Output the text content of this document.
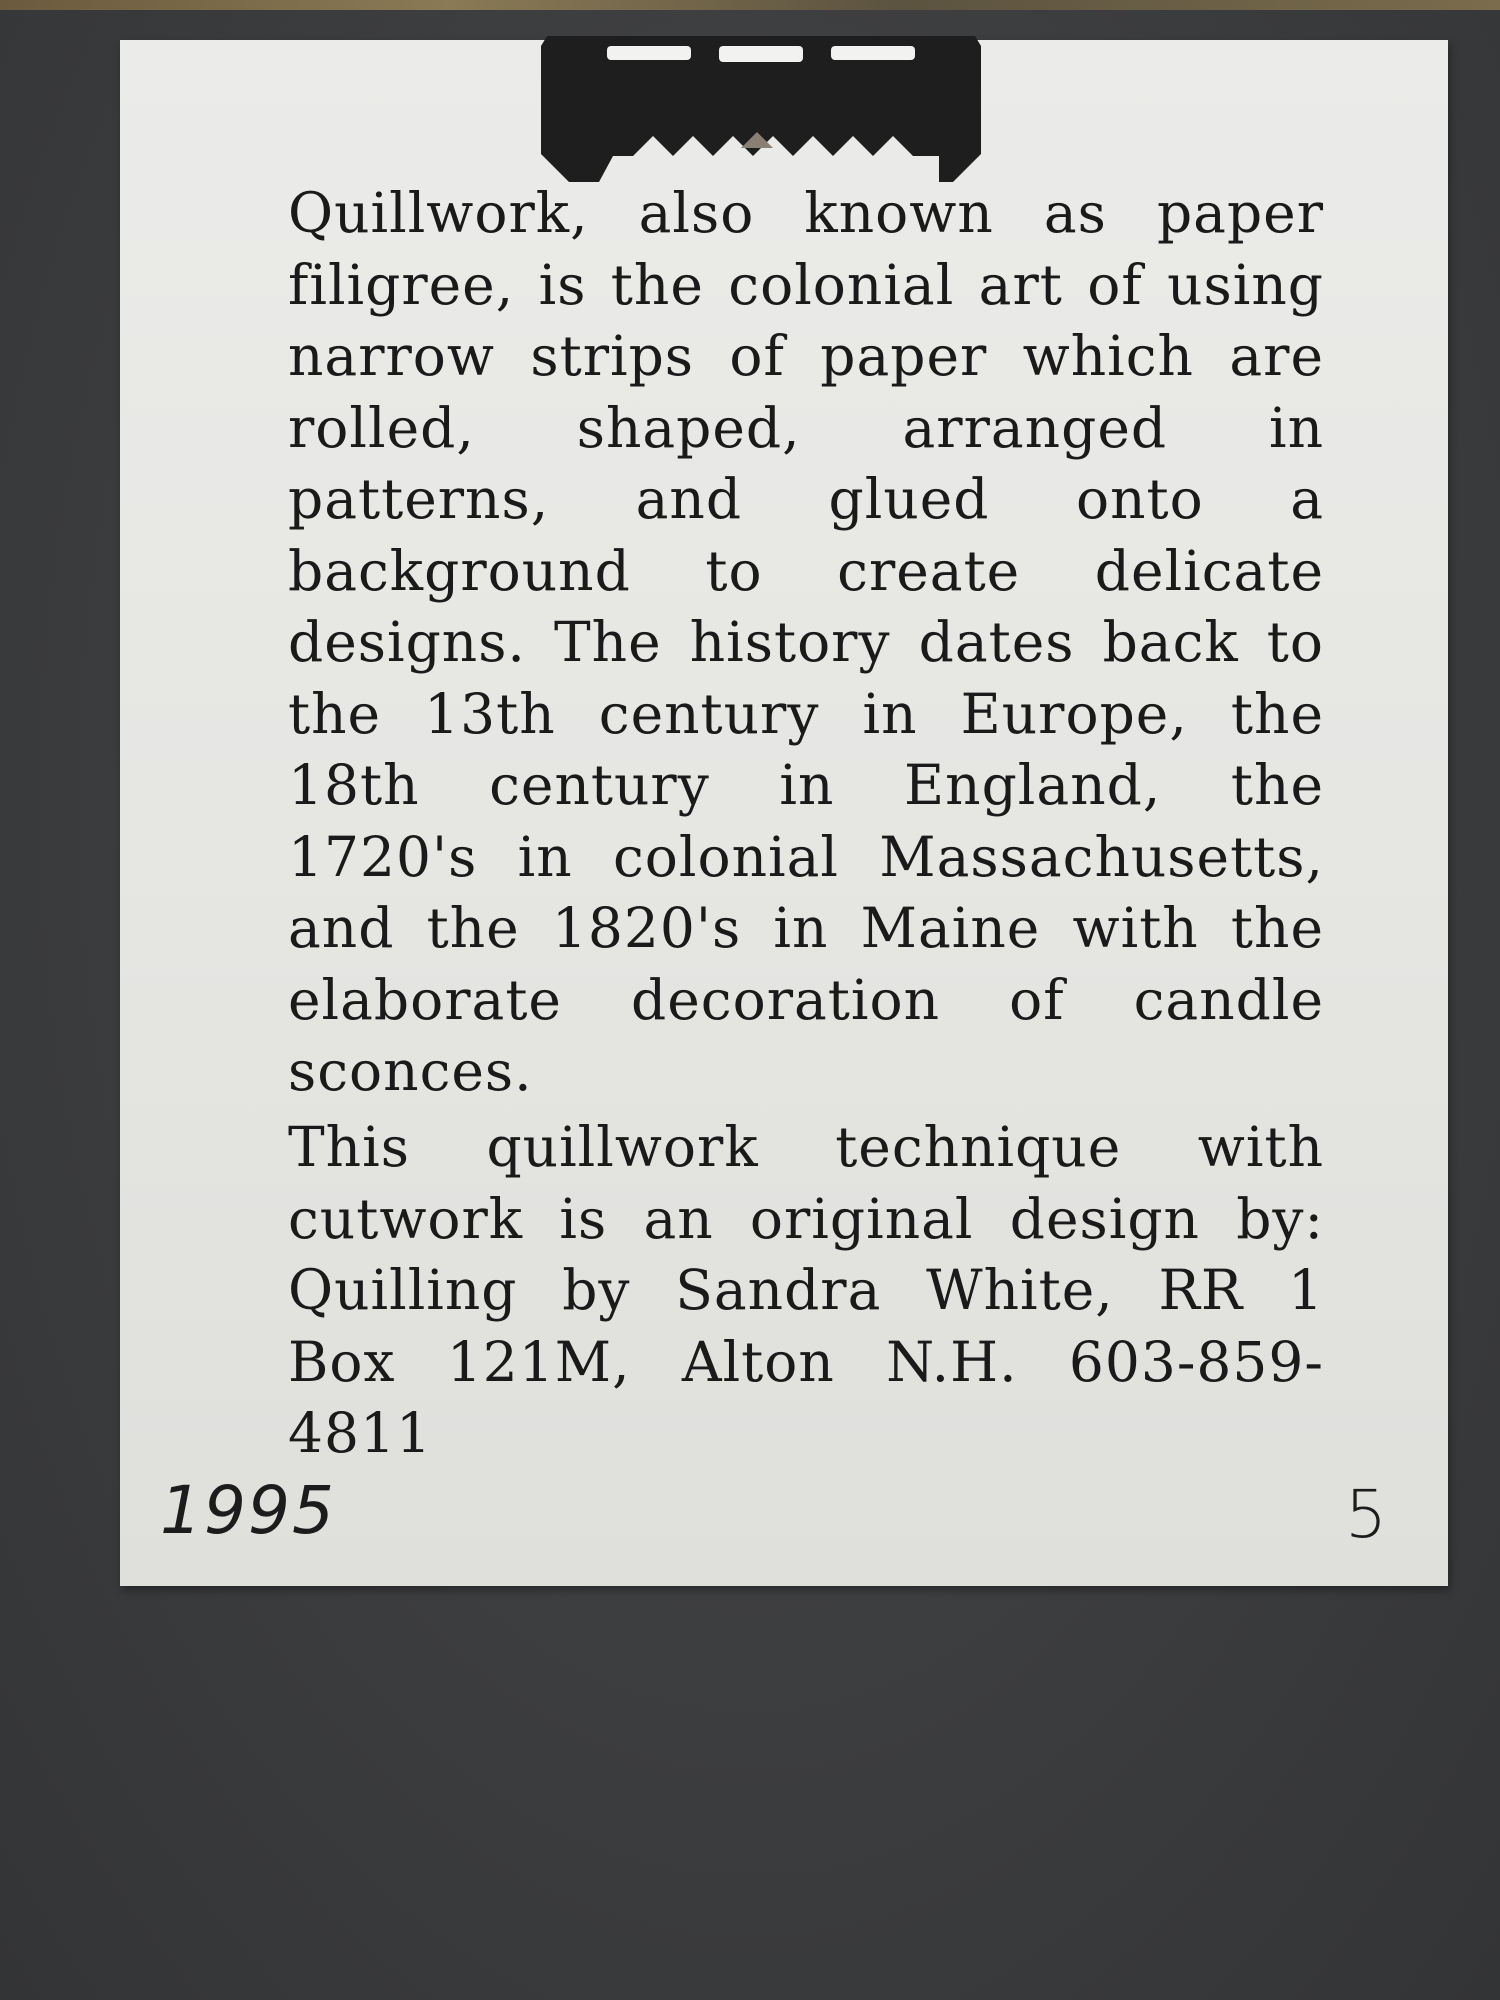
Quillwork, also known as paper filigree, is the colonial art of using narrow strips of paper which are rolled, shaped, arranged in patterns, and glued onto a background to create delicate designs. The history dates back to the 13th century in Europe, the 18th century in England, the 1720's in colonial Massachusetts, and the 1820's in Maine with the elaborate decoration of candle sconces.

This quillwork technique with cutwork is an original design by: Quilling by Sandra White, RR 1 Box 121M, Alton N.H. 603-859-4811

1995	5
